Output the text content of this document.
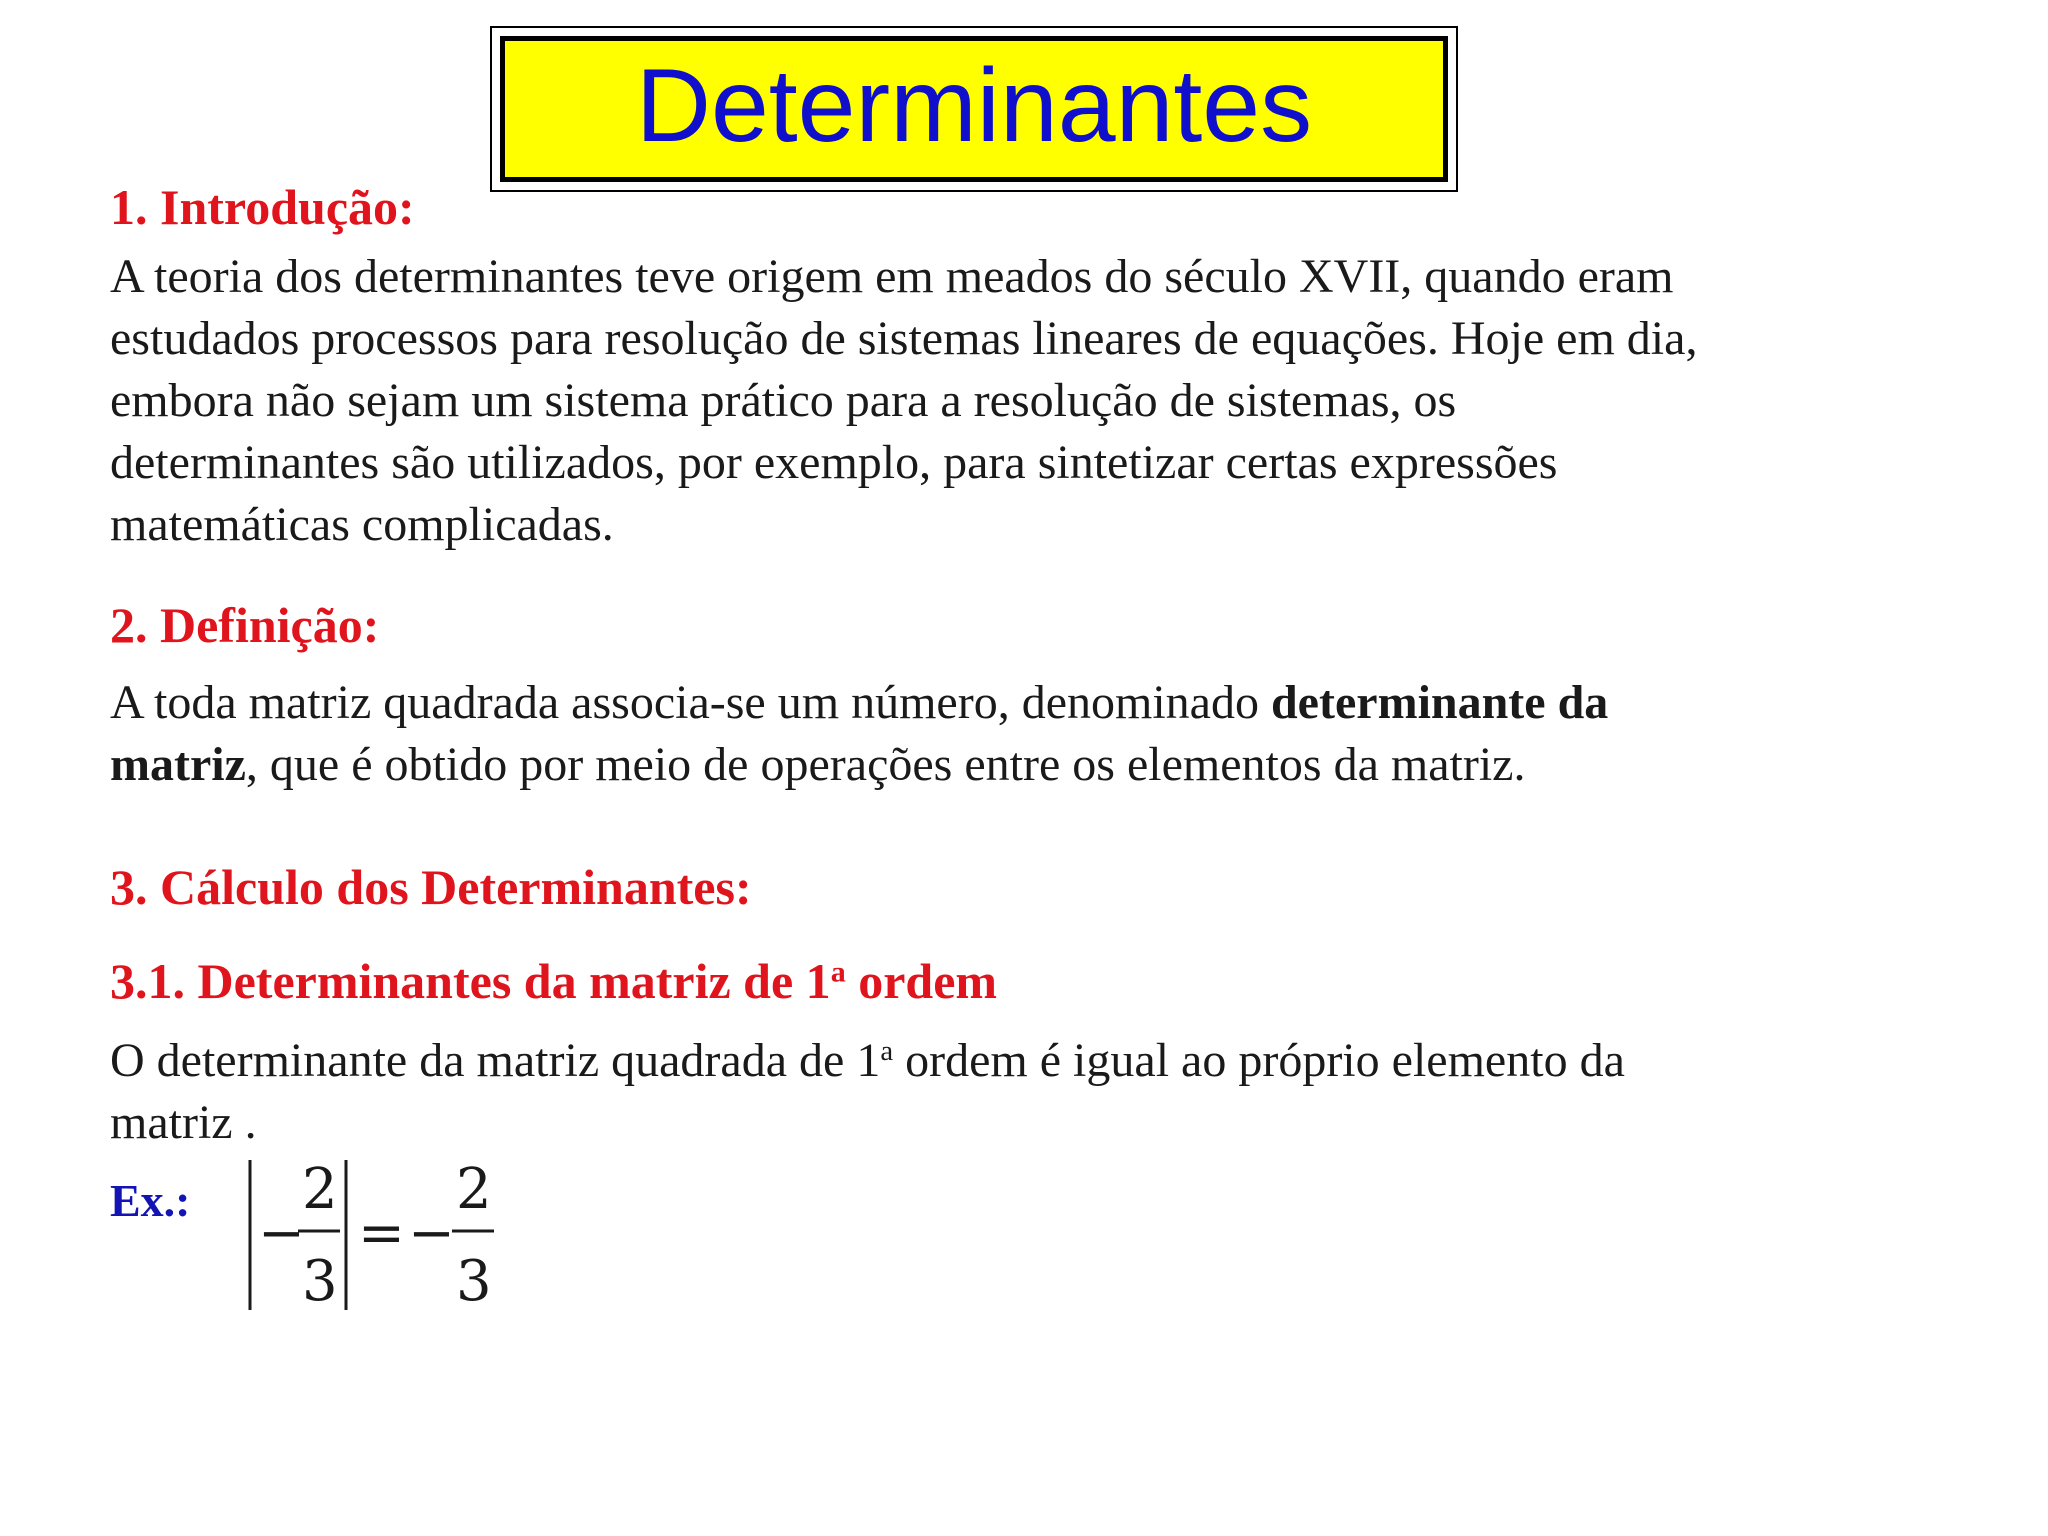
Determinantes
1. Introdução:
A teoria dos determinantes teve origem em meados do século XVII, quando eram
estudados processos para resolução de sistemas lineares de equações. Hoje em dia,
embora não sejam um sistema prático para a resolução de sistemas, os
determinantes são utilizados, por exemplo, para sintetizar certas expressões
matemáticas complicadas.
2. Definição:
A toda matriz quadrada associa-se um número, denominado determinante da
matriz, que é obtido por meio de operações entre os elementos da matriz.
3. Cálculo dos Determinantes:
3.1. Determinantes da matriz de 1$^a$ ordem
O determinante da matriz quadrada de 1$^a$ ordem é igual ao próprio elemento da
matriz .
Ex.:
−
2
3
= −
2
3
